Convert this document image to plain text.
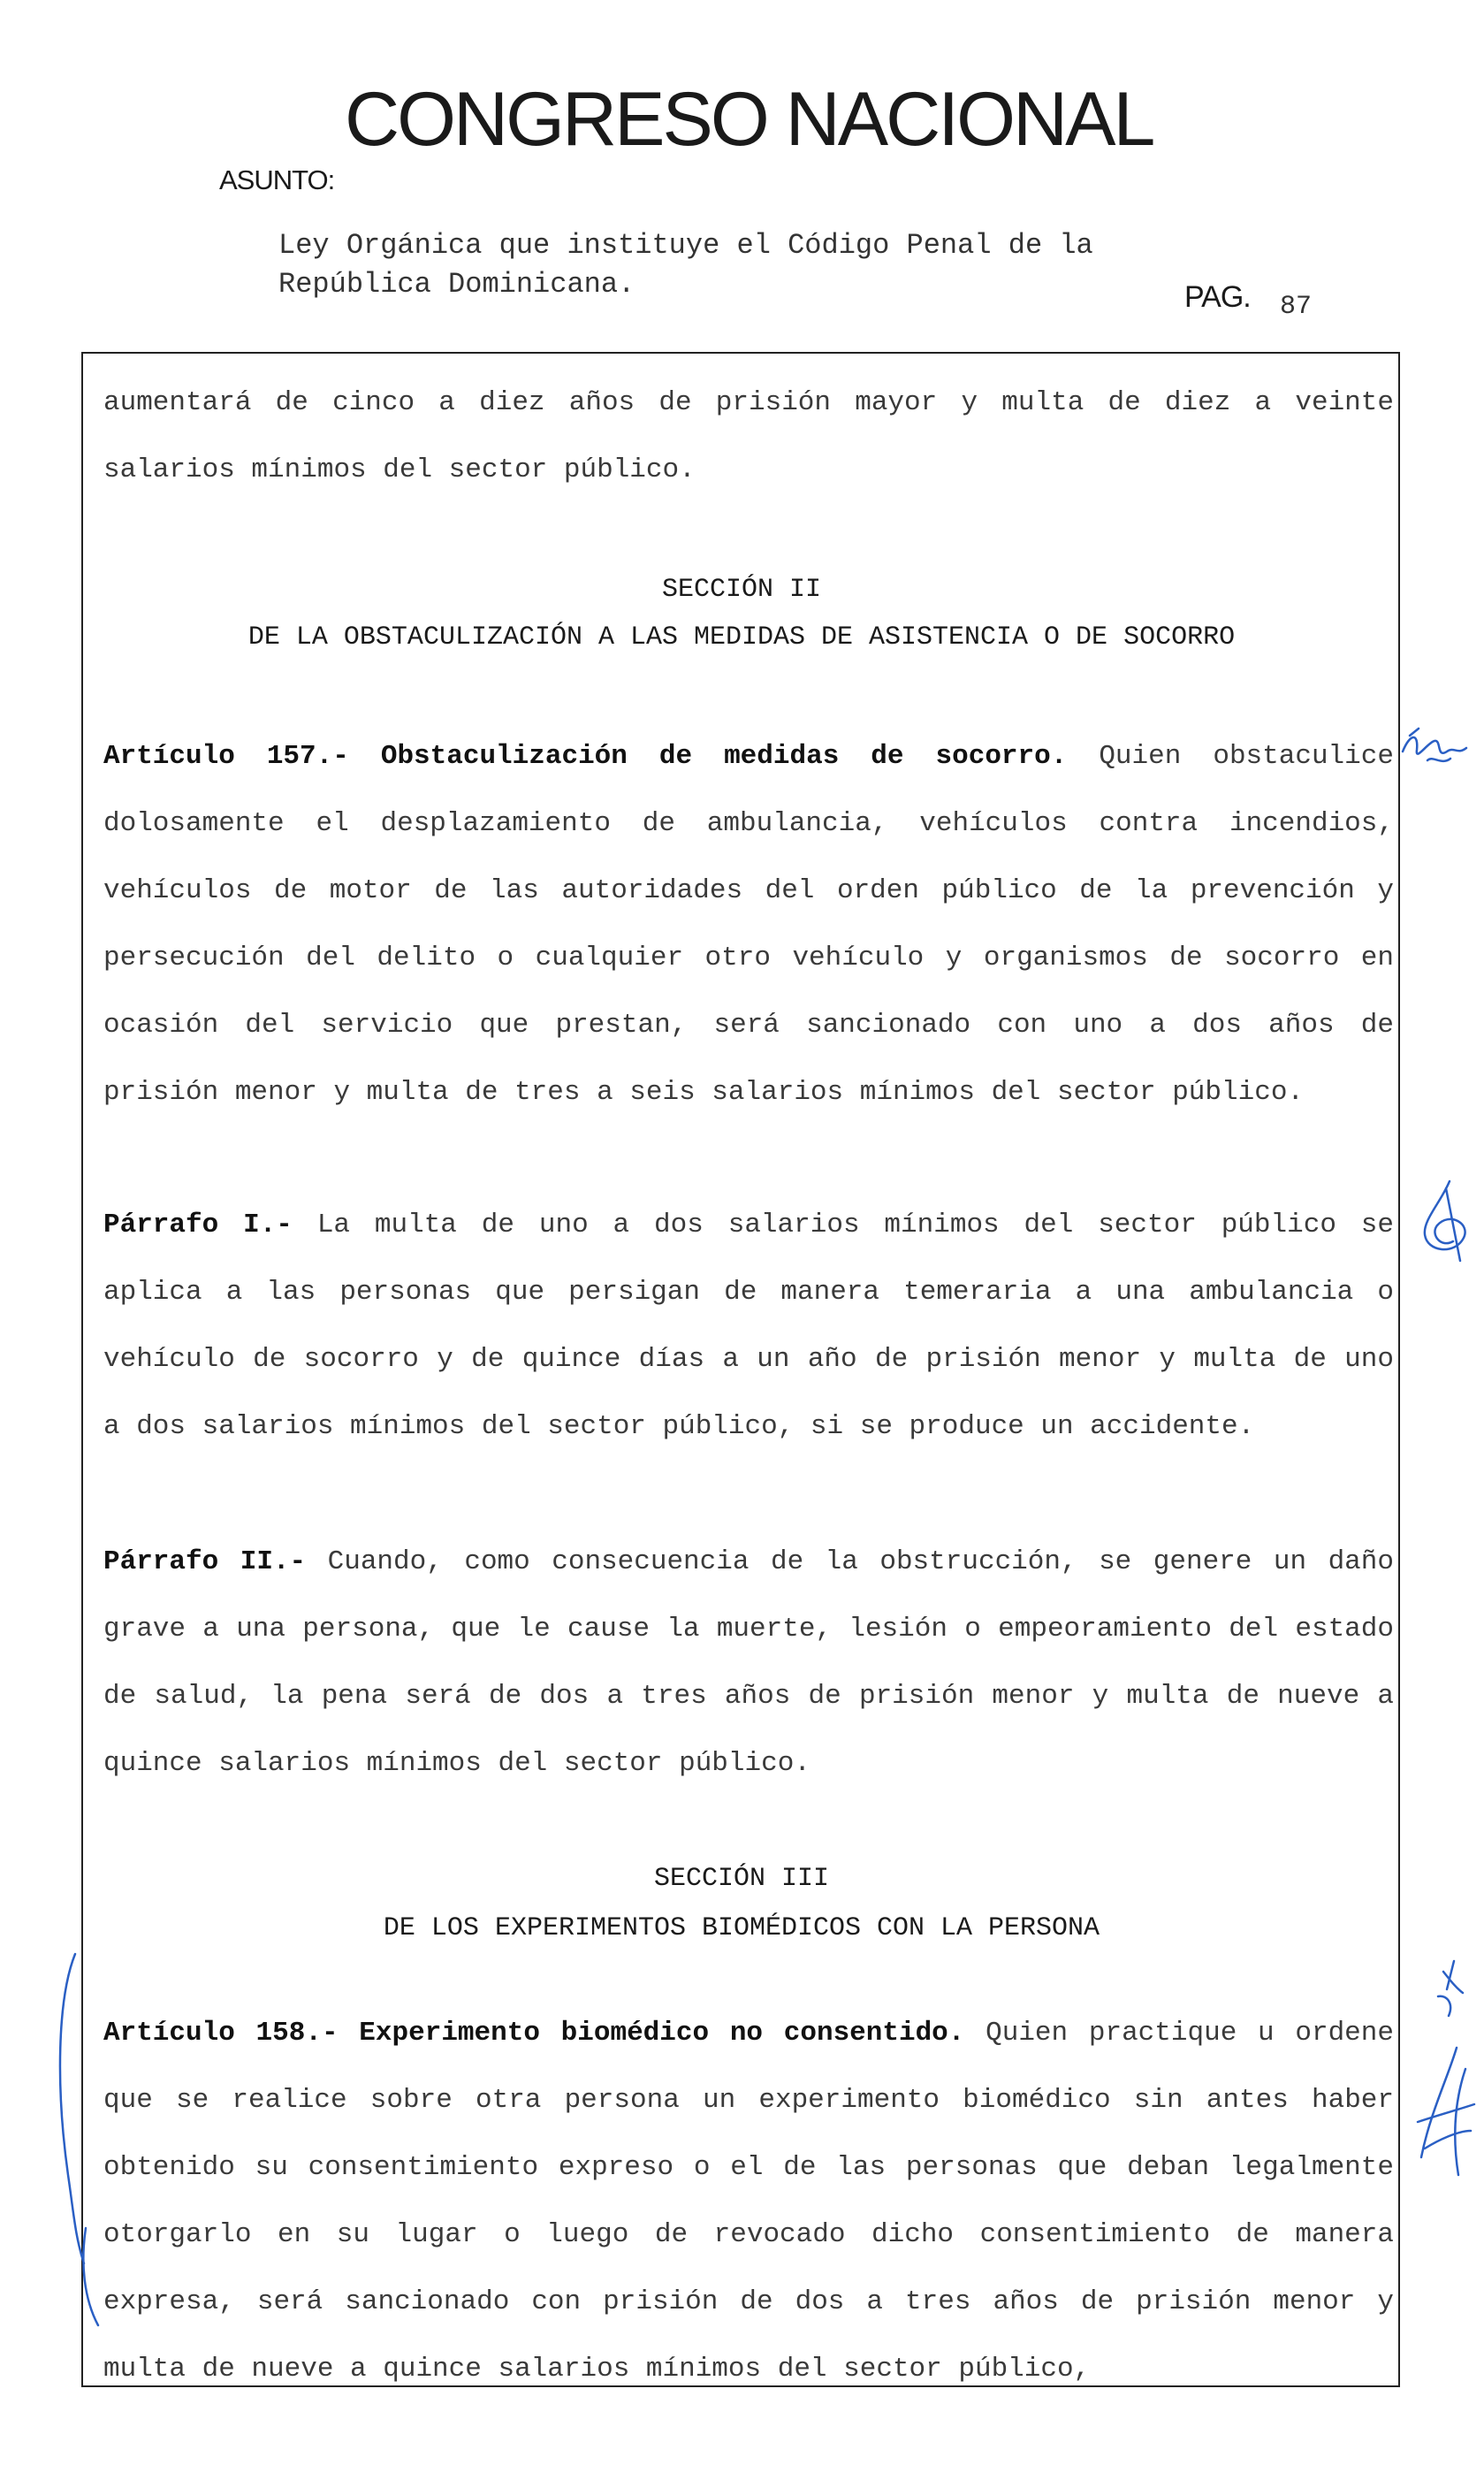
CONGRESO NACIONAL
ASUNTO:
Ley Orgánica que instituye el Código Penal de la
República Dominicana.	PAG. 87

aumentará de cinco a diez años de prisión mayor y multa de diez a veinte salarios mínimos del sector público.

SECCIÓN II

DE LA OBSTACULIZACIÓN A LAS MEDIDAS DE ASISTENCIA O DE SOCORRO

Artículo 157.- Obstaculización de medidas de socorro. Quien obstaculice dolosamente el desplazamiento de ambulancia, vehículos contra incendios, vehículos de motor de las autoridades del orden público de la prevención y persecución del delito o cualquier otro vehículo y organismos de socorro en ocasión del servicio que prestan, será sancionado con uno a dos años de prisión menor y multa de tres a seis salarios mínimos del sector público.

Párrafo I.- La multa de uno a dos salarios mínimos del sector público se aplica a las personas que persigan de manera temeraria a una ambulancia o vehículo de socorro y de quince días a un año de prisión menor y multa de uno a dos salarios mínimos del sector público, si se produce un accidente.

Párrafo II.- Cuando, como consecuencia de la obstrucción, se genere un daño grave a una persona, que le cause la muerte, lesión o empeoramiento del estado de salud, la pena será de dos a tres años de prisión menor y multa de nueve a quince salarios mínimos del sector público.

SECCIÓN III

DE LOS EXPERIMENTOS BIOMÉDICOS CON LA PERSONA

Artículo 158.- Experimento biomédico no consentido. Quien practique u ordene que se realice sobre otra persona un experimento biomédico sin antes haber obtenido su consentimiento expreso o el de las personas que deban legalmente otorgarlo en su lugar o luego de revocado dicho consentimiento de manera expresa, será sancionado con prisión de dos a tres años de prisión menor y multa de nueve a quince salarios mínimos del sector público,
